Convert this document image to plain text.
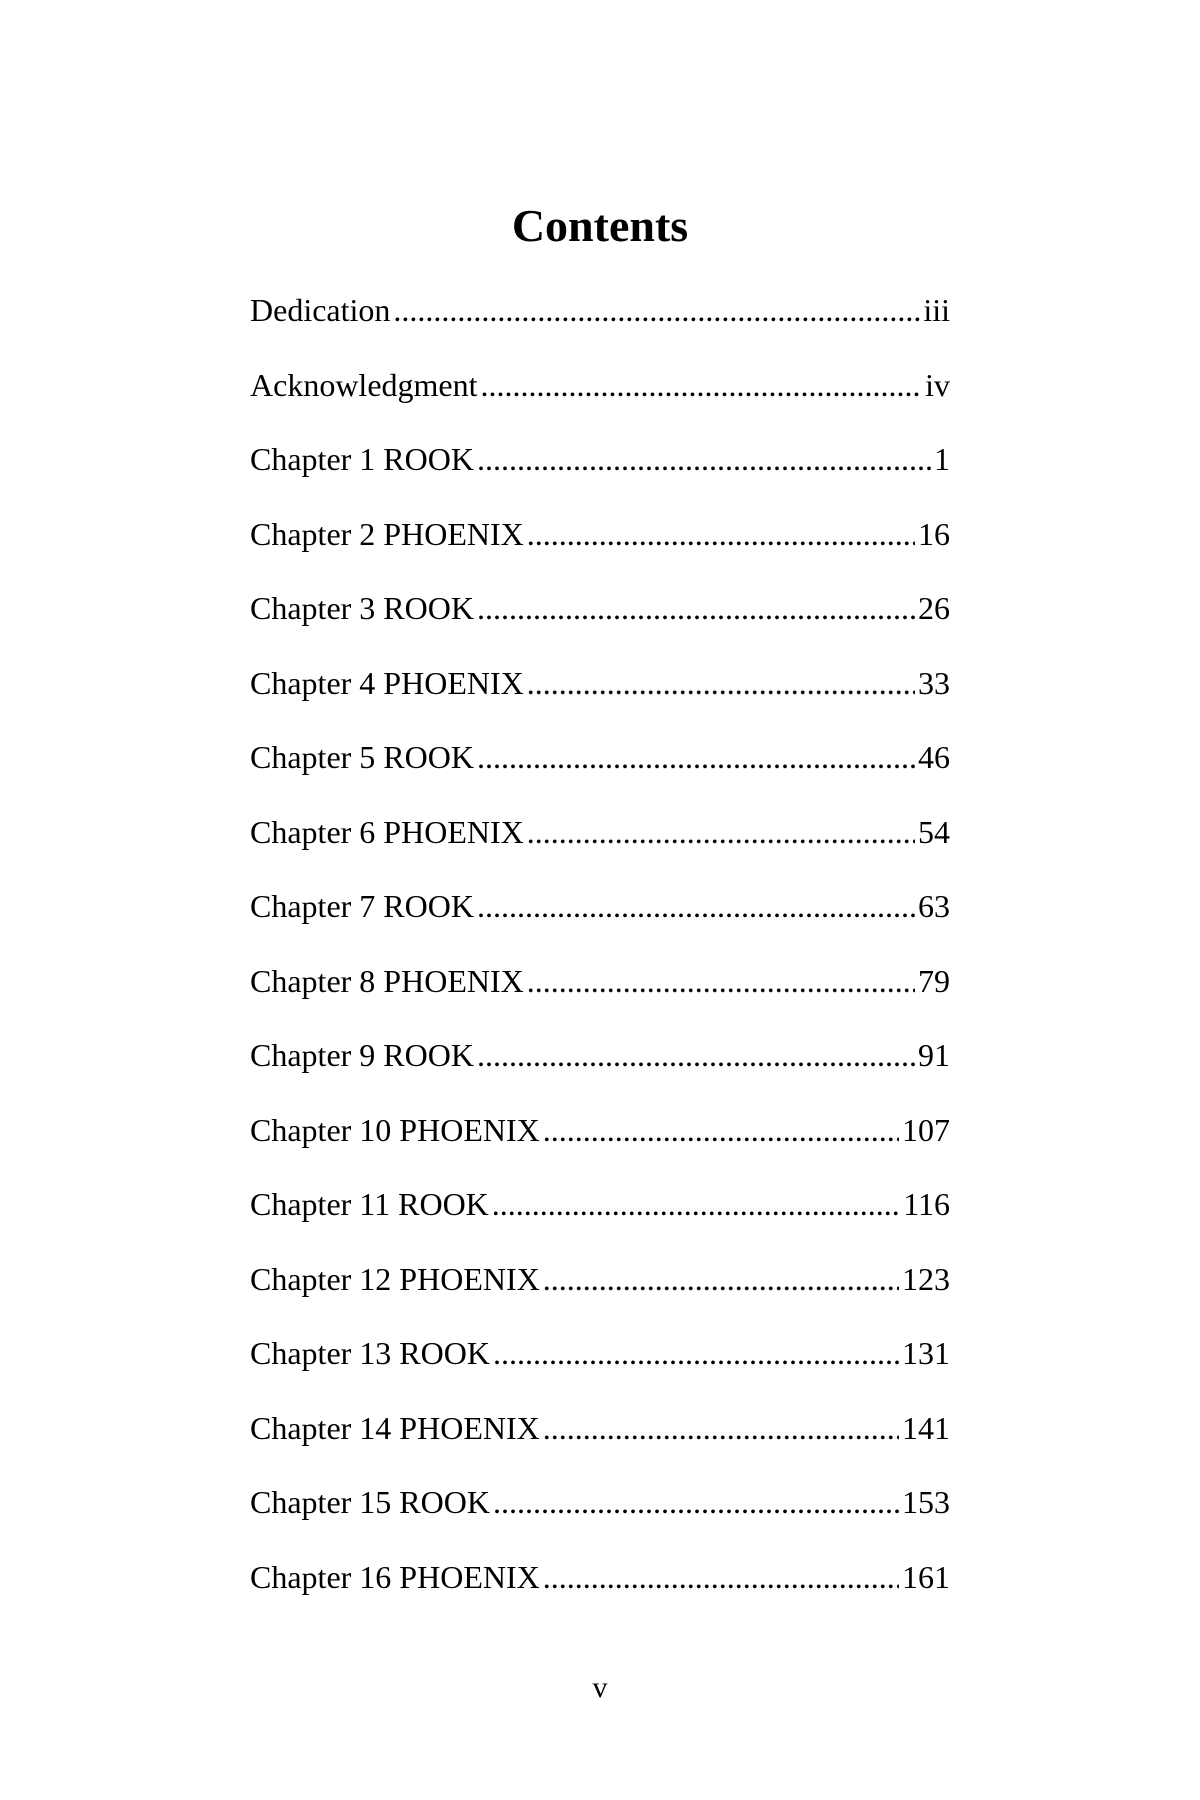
Contents
Dedication .....	iii
Acknowledgment .....	iv
Chapter 1 ROOK .....	1
Chapter 2 PHOENIX .....	16
Chapter 3 ROOK .....	26
Chapter 4 PHOENIX .....	33
Chapter 5 ROOK .....	46
Chapter 6 PHOENIX .....	54
Chapter 7 ROOK .....	63
Chapter 8 PHOENIX .....	79
Chapter 9 ROOK .....	91
Chapter 10 PHOENIX .....	107
Chapter 11 ROOK .....	116
Chapter 12 PHOENIX .....	123
Chapter 13 ROOK .....	131
Chapter 14 PHOENIX .....	141
Chapter 15 ROOK .....	153
Chapter 16 PHOENIX .....	161
v
